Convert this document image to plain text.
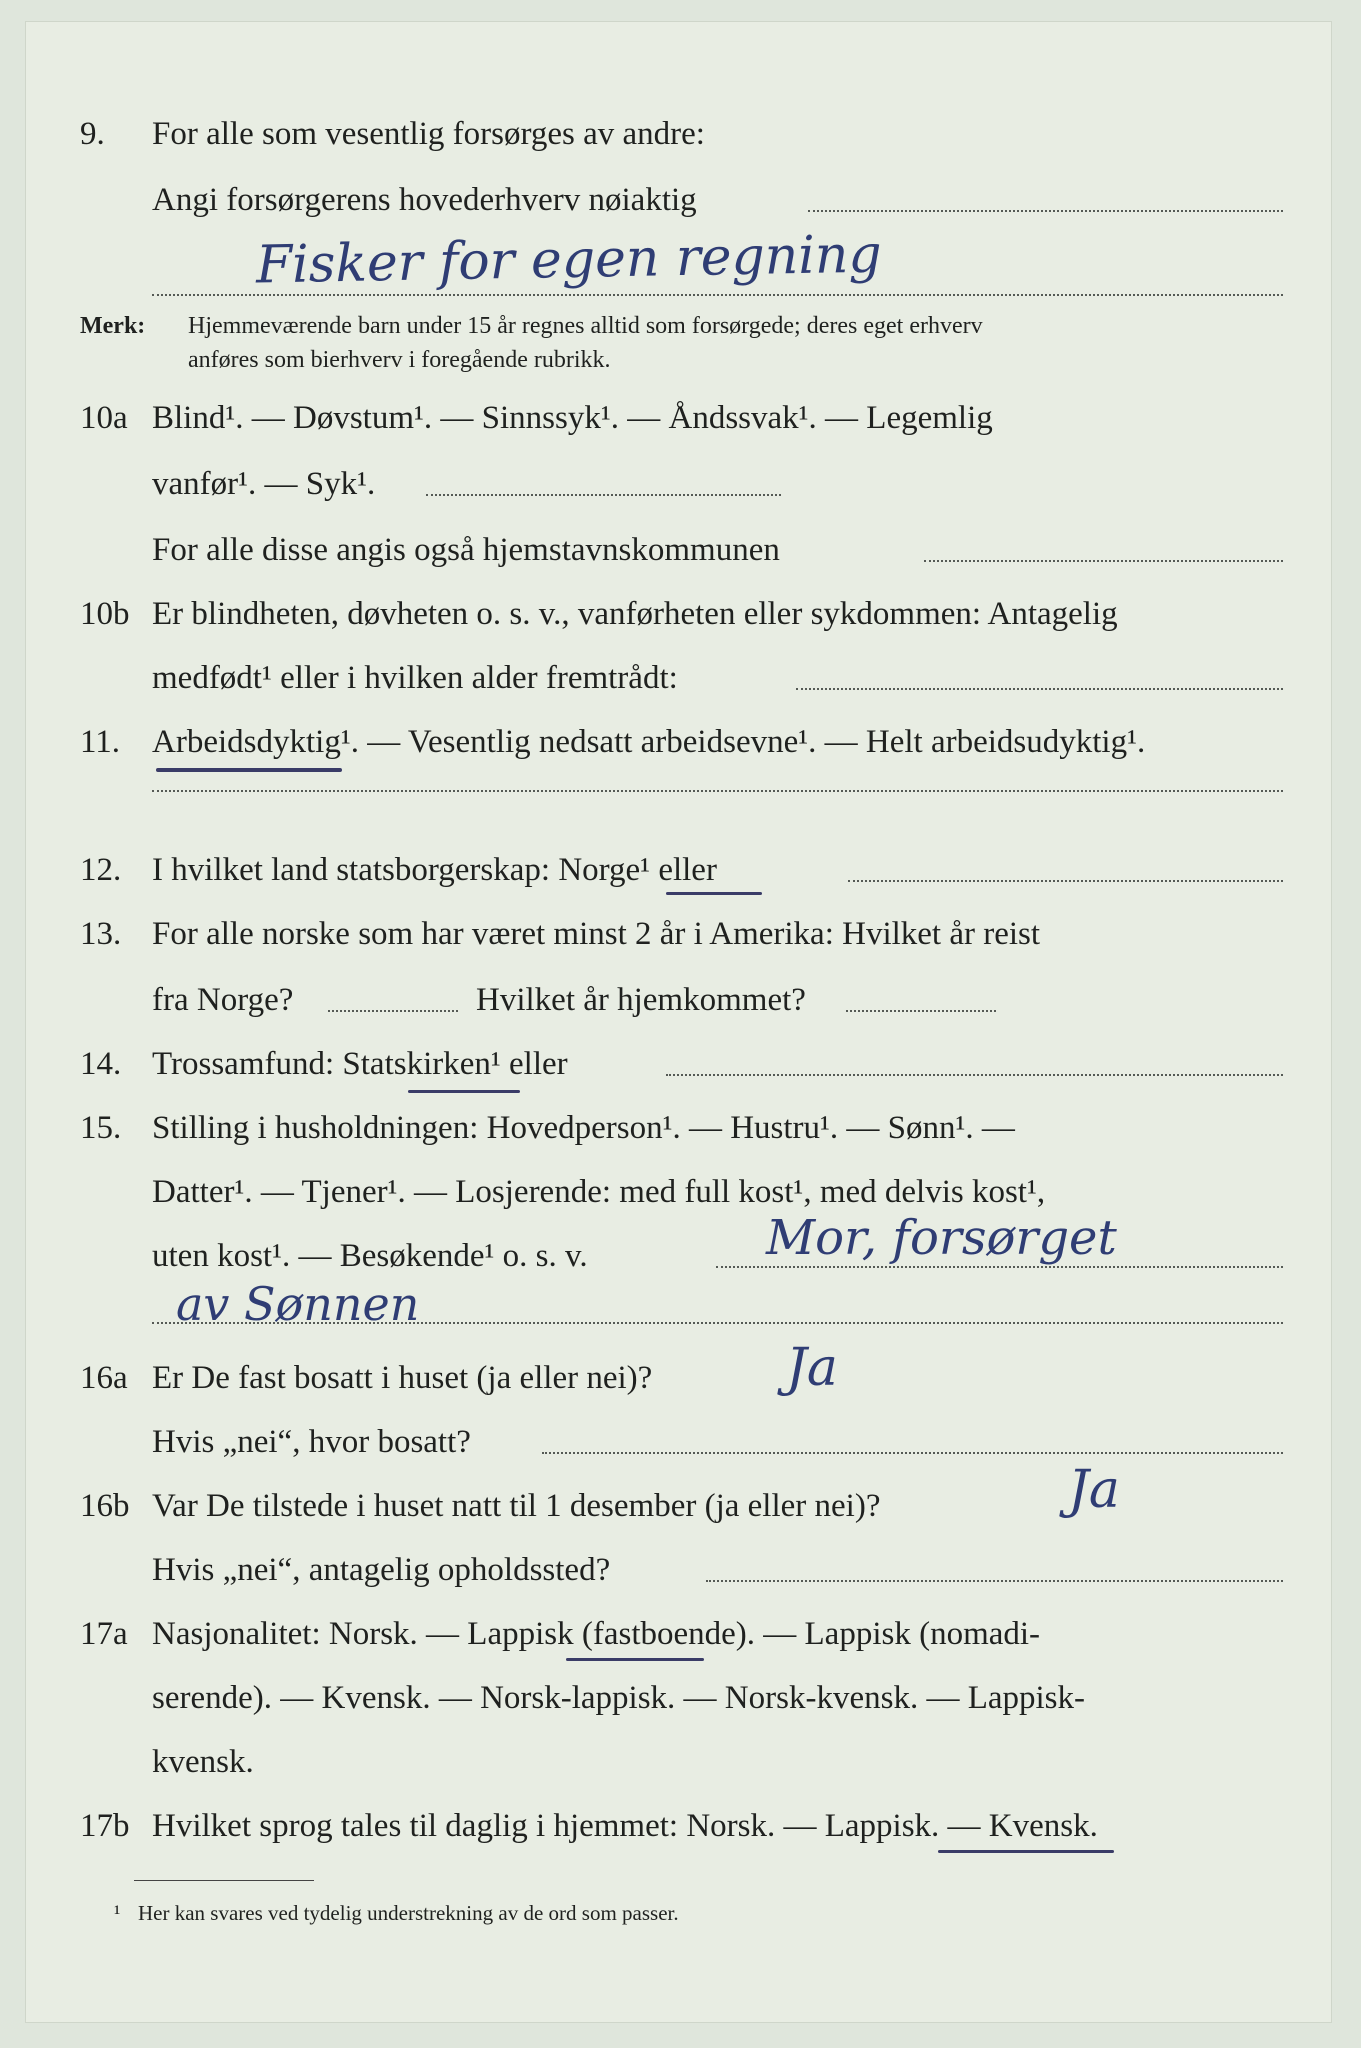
9. For alle som vesentlig forsørges av andre:
Angi forsørgerens hovederhverv nøiaktig
Fisker for egen regning
Merk: Hjemmeværende barn under 15 år regnes alltid som forsørgede; deres eget erhverv
anføres som bierhverv i foregående rubrikk.
10a Blind¹. — Døvstum¹. — Sinnssyk¹. — Åndssvak¹. — Legemlig
vanfør¹. — Syk¹.
For alle disse angis også hjemstavnskommunen
10b Er blindheten, døvheten o. s. v., vanførheten eller sykdommen: Antagelig
medfødt¹ eller i hvilken alder fremtrådt:
11. Arbeidsdyktig¹. — Vesentlig nedsatt arbeidsevne¹. — Helt arbeidsudyktig¹.
12. I hvilket land statsborgerskap: Norge¹ eller
13. For alle norske som har været minst 2 år i Amerika: Hvilket år reist
fra Norge?	Hvilket år hjemkommet?
14. Trossamfund: Statskirken¹ eller
15. Stilling i husholdningen: Hovedperson¹. — Hustru¹. — Sønn¹. —
Datter¹. — Tjener¹. — Losjerende: med full kost¹, med delvis kost¹,
uten kost¹. — Besøkende¹ o. s. v.	Mor, forsørget
av Sønnen
16a Er De fast bosatt i huset (ja eller nei)?	Ja
Hvis „nei“, hvor bosatt?
16b Var De tilstede i huset natt til 1 desember (ja eller nei)?	Ja
Hvis „nei“, antagelig opholdssted?
17a Nasjonalitet: Norsk. — Lappisk (fastboende). — Lappisk (nomadi-
serende). — Kvensk. — Norsk-lappisk. — Norsk-kvensk. — Lappisk-
kvensk.
17b Hvilket sprog tales til daglig i hjemmet: Norsk. — Lappisk. — Kvensk.
¹ Her kan svares ved tydelig understrekning av de ord som passer.
